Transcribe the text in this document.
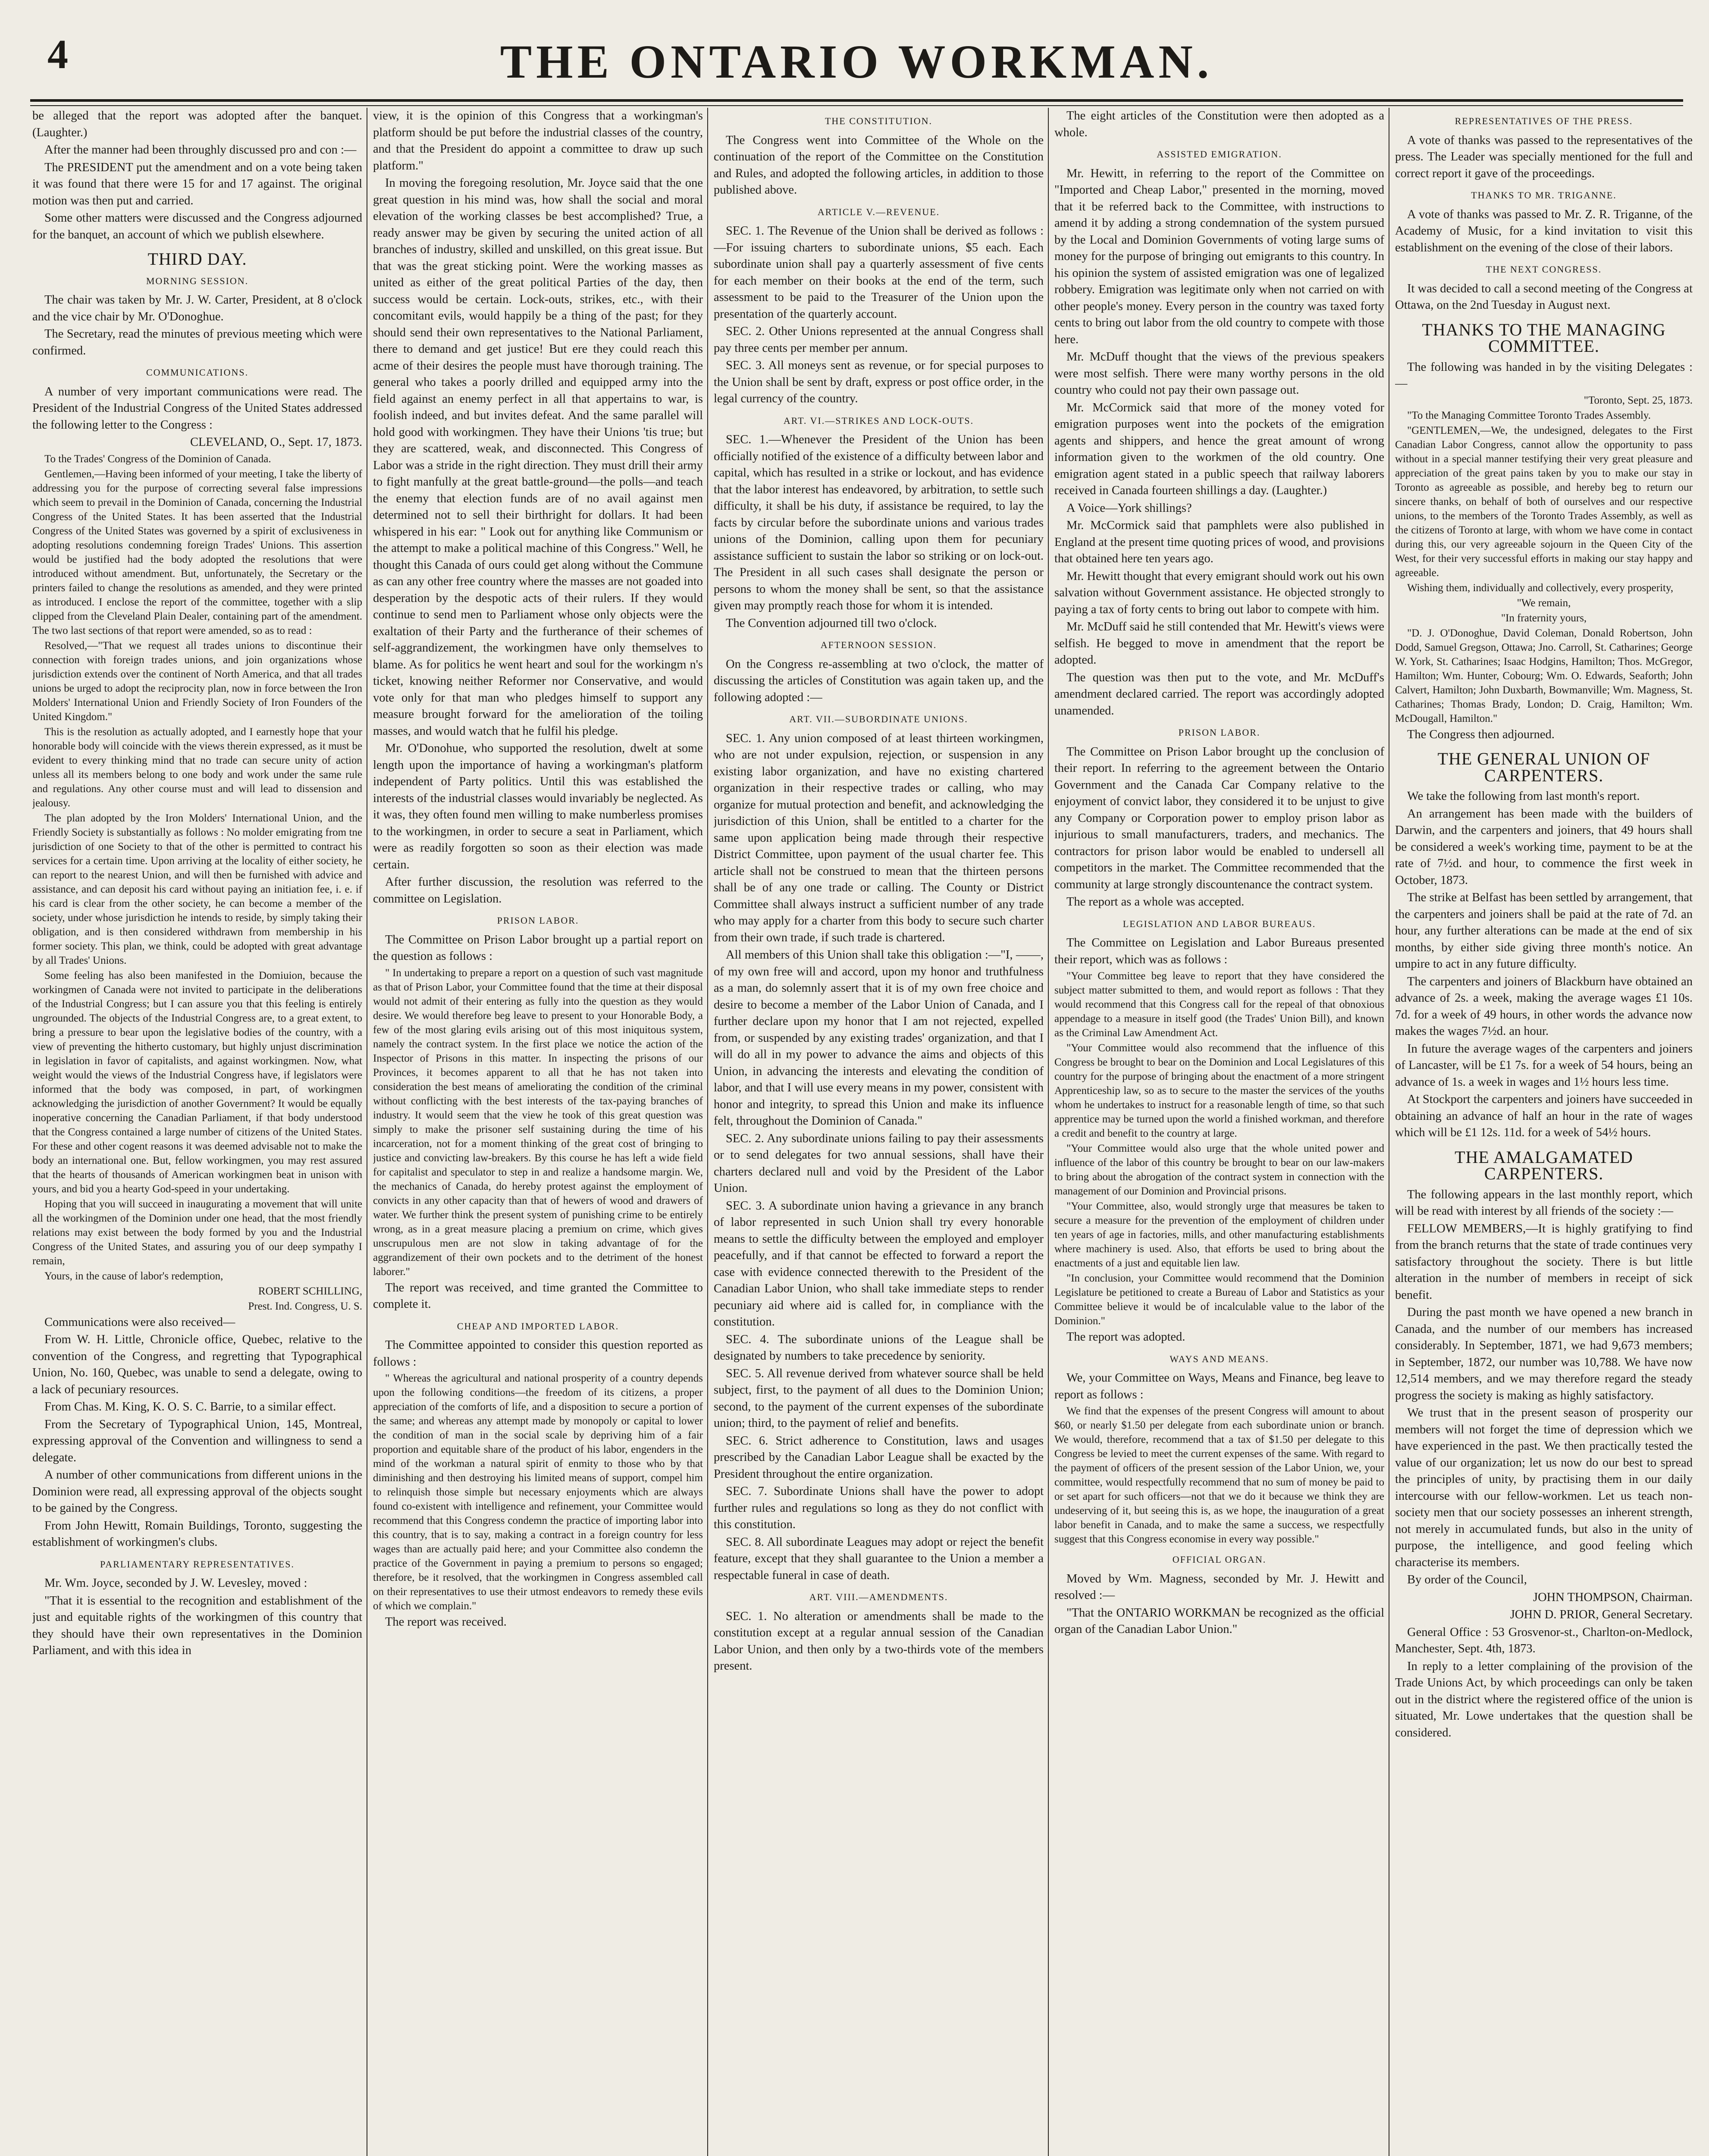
4	THE ONTARIO WORKMAN.

be alleged that the report was adopted after the banquet. (Laughter.)

After the manner had been throughly discussed pro and con :—

The PRESIDENT put the amendment and on a vote being taken it was found that there were 15 for and 17 against. The original motion was then put and carried.

Some other matters were discussed and the Congress adjourned for the banquet, an account of which we publish elsewhere.

THIRD DAY.
MORNING SESSION.

The chair was taken by Mr. J. W. Carter, President, at 8 o'clock and the vice chair by Mr. O'Donoghue.

The Secretary, read the minutes of previous meeting which were confirmed.

COMMUNICATIONS.

A number of very important communications were read. The President of the Industrial Congress of the United States addressed the following letter to the Congress :

CLEVELAND, O., Sept. 17, 1873.

To the Trades' Congress of the Dominion of Canada.

Gentlemen,—Having been informed of your meeting, I take the liberty of addressing you for the purpose of correcting several false impressions which seem to prevail in the Dominion of Canada, concerning the Industrial Congress of the United States. It has been asserted that the Industrial Congress of the United States was governed by a spirit of exclusiveness in adopting resolutions condemning foreign Trades' Unions. This assertion would be justified had the body adopted the resolutions that were introduced without amendment. But, unfortunately, the Secretary or the printers failed to change the resolutions as amended, and they were printed as introduced. I enclose the report of the committee, together with a slip clipped from the Cleveland Plain Dealer, containing part of the amendment. The two last sections of that report were amended, so as to read :

Resolved,—"That we request all trades unions to discontinue their connection with foreign trades unions, and join organizations whose jurisdiction extends over the continent of North America, and that all trades unions be urged to adopt the reciprocity plan, now in force between the Iron Molders' International Union and Friendly Society of Iron Founders of the United Kingdom."

This is the resolution as actually adopted, and I earnestly hope that your honorable body will coincide with the views therein expressed, as it must be evident to every thinking mind that no trade can secure unity of action unless all its members belong to one body and work under the same rule and regulations. Any other course must and will lead to dissension and jealousy.

The plan adopted by the Iron Molders' International Union, and the Friendly Society is substantially as follows : No molder emigrating from tne jurisdiction of one Society to that of the other is permitted to contract his services for a certain time. Upon arriving at the locality of either society, he can report to the nearest Union, and will then be furnished with advice and assistance, and can deposit his card without paying an initiation fee, i. e. if his card is clear from the other society, he can become a member of the society, under whose jurisdiction he intends to reside, by simply taking their obligation, and is then considered withdrawn from membership in his former society. This plan, we think, could be adopted with great advantage by all Trades' Unions.

Some feeling has also been manifested in the Domiuion, because the workingmen of Canada were not invited to participate in the deliberations of the Industrial Congress; but I can assure you that this feeling is entirely ungrounded. The objects of the Industrial Congress are, to a great extent, to bring a pressure to bear upon the legislative bodies of the country, with a view of preventing the hitherto customary, but highly unjust discrimination in legislation in favor of capitalists, and against workingmen. Now, what weight would the views of the Industrial Congress have, if legislators were informed that the body was composed, in part, of workingmen acknowledging the jurisdiction of another Government? It would be equally inoperative concerning the Canadian Parliament, if that body understood that the Congress contained a large number of citizens of the United States. For these and other cogent reasons it was deemed advisable not to make the body an international one. But, fellow workingmen, you may rest assured that the hearts of thousands of American workingmen beat in unison with yours, and bid you a hearty God-speed in your undertaking.

Hoping that you will succeed in inaugurating a movement that will unite all the workingmen of the Dominion under one head, that the most friendly relations may exist between the body formed by you and the Industrial Congress of the United States, and assuring you of our deep sympathy I remain,

Yours, in the cause of labor's redemption,

ROBERT SCHILLING,

Prest. Ind. Congress, U. S.

Communications were also received—

From W. H. Little, Chronicle office, Quebec, relative to the convention of the Congress, and regretting that Typographical Union, No. 160, Quebec, was unable to send a delegate, owing to a lack of pecuniary resources.

From Chas. M. King, K. O. S. C. Barrie, to a similar effect.

From the Secretary of Typographical Union, 145, Montreal, expressing approval of the Convention and willingness to send a delegate.

A number of other communications from different unions in the Dominion were read, all expressing approval of the objects sought to be gained by the Congress.

From John Hewitt, Romain Buildings, Toronto, suggesting the establishment of workingmen's clubs.

PARLIAMENTARY REPRESENTATIVES.

Mr. Wm. Joyce, seconded by J. W. Levesley, moved :

"That it is essential to the recognition and establishment of the just and equitable rights of the workingmen of this country that they should have their own representatives in the Dominion Parliament, and with this idea in

view, it is the opinion of this Congress that a workingman's platform should be put before the industrial classes of the country, and that the President do appoint a committee to draw up such platform."

In moving the foregoing resolution, Mr. Joyce said that the one great question in his mind was, how shall the social and moral elevation of the working classes be best accomplished? True, a ready answer may be given by securing the united action of all branches of industry, skilled and unskilled, on this great issue. But that was the great sticking point. Were the working masses as united as either of the great political Parties of the day, then success would be certain. Lock-outs, strikes, etc., with their concomitant evils, would happily be a thing of the past; for they should send their own representatives to the National Parliament, there to demand and get justice! But ere they could reach this acme of their desires the people must have thorough training. The general who takes a poorly drilled and equipped army into the field against an enemy perfect in all that appertains to war, is foolish indeed, and but invites defeat. And the same parallel will hold good with workingmen. They have their Unions 'tis true; but they are scattered, weak, and disconnected. This Congress of Labor was a stride in the right direction. They must drill their army to fight manfully at the great battle-ground—the polls—and teach the enemy that election funds are of no avail against men determined not to sell their birthright for dollars. It had been whispered in his ear: " Look out for anything like Communism or the attempt to make a political machine of this Congress." Well, he thought this Canada of ours could get along without the Commune as can any other free country where the masses are not goaded into desperation by the despotic acts of their rulers. If they would continue to send men to Parliament whose only objects were the exaltation of their Party and the furtherance of their schemes of self-aggrandizement, the workingmen have only themselves to blame. As for politics he went heart and soul for the workingm n's ticket, knowing neither Reformer nor Conservative, and would vote only for that man who pledges himself to support any measure brought forward for the amelioration of the toiling masses, and would watch that he fulfil his pledge.

Mr. O'Donohue, who supported the resolution, dwelt at some length upon the importance of having a workingman's platform independent of Party politics. Until this was established the interests of the industrial classes would invariably be neglected. As it was, they often found men willing to make numberless promises to the workingmen, in order to secure a seat in Parliament, which were as readily forgotten so soon as their election was made certain.

After further discussion, the resolution was referred to the committee on Legislation.

PRISON LABOR.

The Committee on Prison Labor brought up a partial report on the question as follows :

" In undertaking to prepare a report on a question of such vast magnitude as that of Prison Labor, your Committee found that the time at their disposal would not admit of their entering as fully into the question as they would desire. We would therefore beg leave to present to your Honorable Body, a few of the most glaring evils arising out of this most iniquitous system, namely the contract system. In the first place we notice the action of the Inspector of Prisons in this matter. In inspecting the prisons of our Provinces, it becomes apparent to all that he has not taken into consideration the best means of ameliorating the condition of the criminal without conflicting with the best interests of the tax-paying branches of industry. It would seem that the view he took of this great question was simply to make the prisoner self sustaining during the time of his incarceration, not for a moment thinking of the great cost of bringing to justice and convicting law-breakers. By this course he has left a wide field for capitalist and speculator to step in and realize a handsome margin. We, the mechanics of Canada, do hereby protest against the employment of convicts in any other capacity than that of hewers of wood and drawers of water. We further think the present system of punishing crime to be entirely wrong, as in a great measure placing a premium on crime, which gives unscrupulous men are not slow in taking advantage of for the aggrandizement of their own pockets and to the detriment of the honest laborer."

The report was received, and time granted the Committee to complete it.

CHEAP AND IMPORTED LABOR.

The Committee appointed to consider this question reported as follows :

" Whereas the agricultural and national prosperity of a country depends upon the following conditions—the freedom of its citizens, a proper appreciation of the comforts of life, and a disposition to secure a portion of the same; and whereas any attempt made by monopoly or capital to lower the condition of man in the social scale by depriving him of a fair proportion and equitable share of the product of his labor, engenders in the mind of the workman a natural spirit of enmity to those who by that diminishing and then destroying his limited means of support, compel him to relinquish those simple but necessary enjoyments which are always found co-existent with intelligence and refinement, your Committee would recommend that this Congress condemn the practice of importing labor into this country, that is to say, making a contract in a foreign country for less wages than are actually paid here; and your Committee also condemn the practice of the Government in paying a premium to persons so engaged; therefore, be it resolved, that the workingmen in Congress assembled call on their representatives to use their utmost endeavors to remedy these evils of which we complain."

The report was received.

THE CONSTITUTION.

The Congress went into Committee of the Whole on the continuation of the report of the Committee on the Constitution and Rules, and adopted the following articles, in addition to those published above.

ARTICLE V.—REVENUE.

SEC. 1. The Revenue of the Union shall be derived as follows :—For issuing charters to subordinate unions, $5 each. Each subordinate union shall pay a quarterly assessment of five cents for each member on their books at the end of the term, such assessment to be paid to the Treasurer of the Union upon the presentation of the quarterly account.

SEC. 2. Other Unions represented at the annual Congress shall pay three cents per member per annum.

SEC. 3. All moneys sent as revenue, or for special purposes to the Union shall be sent by draft, express or post office order, in the legal currency of the country.

ART. VI.—STRIKES AND LOCK-OUTS.

SEC. 1.—Whenever the President of the Union has been officially notified of the existence of a difficulty between labor and capital, which has resulted in a strike or lockout, and has evidence that the labor interest has endeavored, by arbitration, to settle such difficulty, it shall be his duty, if assistance be required, to lay the facts by circular before the subordinate unions and various trades unions of the Dominion, calling upon them for pecuniary assistance sufficient to sustain the labor so striking or on lock-out. The President in all such cases shall designate the person or persons to whom the money shall be sent, so that the assistance given may promptly reach those for whom it is intended.

The Convention adjourned till two o'clock.

AFTERNOON SESSION.

On the Congress re-assembling at two o'clock, the matter of discussing the articles of Constitution was again taken up, and the following adopted :—

ART. VII.—SUBORDINATE UNIONS.

SEC. 1. Any union composed of at least thirteen workingmen, who are not under expulsion, rejection, or suspension in any existing labor organization, and have no existing chartered organization in their respective trades or calling, who may organize for mutual protection and benefit, and acknowledging the jurisdiction of this Union, shall be entitled to a charter for the same upon application being made through their respective District Committee, upon payment of the usual charter fee. This article shall not be construed to mean that the thirteen persons shall be of any one trade or calling. The County or District Committee shall always instruct a sufficient number of any trade who may apply for a charter from this body to secure such charter from their own trade, if such trade is chartered.

All members of this Union shall take this obligation :—"I, ——, of my own free will and accord, upon my honor and truthfulness as a man, do solemnly assert that it is of my own free choice and desire to become a member of the Labor Union of Canada, and I further declare upon my honor that I am not rejected, expelled from, or suspended by any existing trades' organization, and that I will do all in my power to advance the aims and objects of this Union, in advancing the interests and elevating the condition of labor, and that I will use every means in my power, consistent with honor and integrity, to spread this Union and make its influence felt, throughout the Dominion of Canada."

SEC. 2. Any subordinate unions failing to pay their assessments or to send delegates for two annual sessions, shall have their charters declared null and void by the President of the Labor Union.

SEC. 3. A subordinate union having a grievance in any branch of labor represented in such Union shall try every honorable means to settle the difficulty between the employed and employer peacefully, and if that cannot be effected to forward a report the case with evidence connected therewith to the President of the Canadian Labor Union, who shall take immediate steps to render pecuniary aid where aid is called for, in compliance with the constitution.

SEC. 4. The subordinate unions of the League shall be designated by numbers to take precedence by seniority.

SEC. 5. All revenue derived from whatever source shall be held subject, first, to the payment of all dues to the Dominion Union; second, to the payment of the current expenses of the subordinate union; third, to the payment of relief and benefits.

SEC. 6. Strict adherence to Constitution, laws and usages prescribed by the Canadian Labor League shall be exacted by the President throughout the entire organization.

SEC. 7. Subordinate Unions shall have the power to adopt further rules and regulations so long as they do not conflict with this constitution.

SEC. 8. All subordinate Leagues may adopt or reject the benefit feature, except that they shall guarantee to the Union a member a respectable funeral in case of death.

ART. VIII.—AMENDMENTS.

SEC. 1. No alteration or amendments shall be made to the constitution except at a regular annual session of the Canadian Labor Union, and then only by a two-thirds vote of the members present.

The eight articles of the Constitution were then adopted as a whole.

ASSISTED EMIGRATION.

Mr. Hewitt, in referring to the report of the Committee on "Imported and Cheap Labor," presented in the morning, moved that it be referred back to the Committee, with instructions to amend it by adding a strong condemnation of the system pursued by the Local and Dominion Governments of voting large sums of money for the purpose of bringing out emigrants to this country. In his opinion the system of assisted emigration was one of legalized robbery. Emigration was legitimate only when not carried on with other people's money. Every person in the country was taxed forty cents to bring out labor from the old country to compete with those here.

Mr. McDuff thought that the views of the previous speakers were most selfish. There were many worthy persons in the old country who could not pay their own passage out.

Mr. McCormick said that more of the money voted for emigration purposes went into the pockets of the emigration agents and shippers, and hence the great amount of wrong information given to the workmen of the old country. One emigration agent stated in a public speech that railway laborers received in Canada fourteen shillings a day. (Laughter.)

A Voice—York shillings?

Mr. McCormick said that pamphlets were also published in England at the present time quoting prices of wood, and provisions that obtained here ten years ago.

Mr. Hewitt thought that every emigrant should work out his own salvation without Government assistance. He objected strongly to paying a tax of forty cents to bring out labor to compete with him.

Mr. McDuff said he still contended that Mr. Hewitt's views were selfish. He begged to move in amendment that the report be adopted.

The question was then put to the vote, and Mr. McDuff's amendment declared carried. The report was accordingly adopted unamended.

PRISON LABOR.

The Committee on Prison Labor brought up the conclusion of their report. In referring to the agreement between the Ontario Government and the Canada Car Company relative to the enjoyment of convict labor, they considered it to be unjust to give any Company or Corporation power to employ prison labor as injurious to small manufacturers, traders, and mechanics. The contractors for prison labor would be enabled to undersell all competitors in the market. The Committee recommended that the community at large strongly discountenance the contract system.

The report as a whole was accepted.

LEGISLATION AND LABOR BUREAUS.

The Committee on Legislation and Labor Bureaus presented their report, which was as follows :

"Your Committee beg leave to report that they have considered the subject matter submitted to them, and would report as follows : That they would recommend that this Congress call for the repeal of that obnoxious appendage to a measure in itself good (the Trades' Union Bill), and known as the Criminal Law Amendment Act.

"Your Committee would also recommend that the influence of this Congress be brought to bear on the Dominion and Local Legislatures of this country for the purpose of bringing about the enactment of a more stringent Apprenticeship law, so as to secure to the master the services of the youths whom he undertakes to instruct for a reasonable length of time, so that such apprentice may be turned upon the world a finished workman, and therefore a credit and benefit to the country at large.

"Your Committee would also urge that the whole united power and influence of the labor of this country be brought to bear on our law-makers to bring about the abrogation of the contract system in connection with the management of our Dominion and Provincial prisons.

"Your Committee, also, would strongly urge that measures be taken to secure a measure for the prevention of the employment of children under ten years of age in factories, mills, and other manufacturing establishments where machinery is used. Also, that efforts be used to bring about the enactments of a just and equitable lien law.

"In conclusion, your Committee would recommend that the Dominion Legislature be petitioned to create a Bureau of Labor and Statistics as your Committee believe it would be of incalculable value to the labor of the Dominion."

The report was adopted.

WAYS AND MEANS.

We, your Committee on Ways, Means and Finance, beg leave to report as follows :

We find that the expenses of the present Congress will amount to about $60, or nearly $1.50 per delegate from each subordinate union or branch. We would, therefore, recommend that a tax of $1.50 per delegate to this Congress be levied to meet the current expenses of the same. With regard to the payment of officers of the present session of the Labor Union, we, your committee, would respectfully recommend that no sum of money be paid to or set apart for such officers—not that we do it because we think they are undeserving of it, but seeing this is, as we hope, the inauguration of a great labor benefit in Canada, and to make the same a success, we respectfully suggest that this Congress economise in every way possible."

OFFICIAL ORGAN.

Moved by Wm. Magness, seconded by Mr. J. Hewitt and resolved :—

"That the ONTARIO WORKMAN be recognized as the official organ of the Canadian Labor Union."

REPRESENTATIVES OF THE PRESS.

A vote of thanks was passed to the representatives of the press. The Leader was specially mentioned for the full and correct report it gave of the proceedings.

THANKS TO MR. TRIGANNE.

A vote of thanks was passed to Mr. Z. R. Triganne, of the Academy of Music, for a kind invitation to visit this establishment on the evening of the close of their labors.

THE NEXT CONGRESS.

It was decided to call a second meeting of the Congress at Ottawa, on the 2nd Tuesday in August next.

THANKS TO THE MANAGING COMMITTEE.

The following was handed in by the visiting Delegates :—

"Toronto, Sept. 25, 1873.

"To the Managing Committee Toronto Trades Assembly.

"GENTLEMEN,—We, the undesigned, delegates to the First Canadian Labor Congress, cannot allow the opportunity to pass without in a special manner testifying their very great pleasure and appreciation of the great pains taken by you to make our stay in Toronto as agreeable as possible, and hereby beg to return our sincere thanks, on behalf of both of ourselves and our respective unions, to the members of the Toronto Trades Assembly, as well as the citizens of Toronto at large, with whom we have come in contact during this, our very agreeable sojourn in the Queen City of the West, for their very successful efforts in making our stay happy and agreeable.

Wishing them, individually and collectively, every prosperity,

"We remain,

"In fraternity yours,

"D. J. O'Donoghue, David Coleman, Donald Robertson, John Dodd, Samuel Gregson, Ottawa; Jno. Carroll, St. Catharines; George W. York, St. Catharines; Isaac Hodgins, Hamilton; Thos. McGregor, Hamilton; Wm. Hunter, Cobourg; Wm. O. Edwards, Seaforth; John Calvert, Hamilton; John Duxbarth, Bowmanville; Wm. Magness, St. Catharines; Thomas Brady, London; D. Craig, Hamilton; Wm. McDougall, Hamilton."

The Congress then adjourned.

THE GENERAL UNION OF CARPENTERS.

We take the following from last month's report.

An arrangement has been made with the builders of Darwin, and the carpenters and joiners, that 49 hours shall be considered a week's working time, payment to be at the rate of 7½d. and hour, to commence the first week in October, 1873.

The strike at Belfast has been settled by arrangement, that the carpenters and joiners shall be paid at the rate of 7d. an hour, any further alterations can be made at the end of six months, by either side giving three month's notice. An umpire to act in any future difficulty.

The carpenters and joiners of Blackburn have obtained an advance of 2s. a week, making the average wages £1 10s. 7d. for a week of 49 hours, in other words the advance now makes the wages 7½d. an hour.

In future the average wages of the carpenters and joiners of Lancaster, will be £1 7s. for a week of 54 hours, being an advance of 1s. a week in wages and 1½ hours less time.

At Stockport the carpenters and joiners have succeeded in obtaining an advance of half an hour in the rate of wages which will be £1 12s. 11d. for a week of 54½ hours.

THE AMALGAMATED CARPENTERS.

The following appears in the last monthly report, which will be read with interest by all friends of the society :—

FELLOW MEMBERS,—It is highly gratifying to find from the branch returns that the state of trade continues very satisfactory throughout the society. There is but little alteration in the number of members in receipt of sick benefit.

During the past month we have opened a new branch in Canada, and the number of our members has increased considerably. In September, 1871, we had 9,673 members; in September, 1872, our number was 10,788. We have now 12,514 members, and we may therefore regard the steady progress the society is making as highly satisfactory.

We trust that in the present season of prosperity our members will not forget the time of depression which we have experienced in the past. We then practically tested the value of our organization; let us now do our best to spread the principles of unity, by practising them in our daily intercourse with our fellow-workmen. Let us teach non-society men that our society possesses an inherent strength, not merely in accumulated funds, but also in the unity of purpose, the intelligence, and good feeling which characterise its members.

By order of the Council,

JOHN THOMPSON, Chairman.

JOHN D. PRIOR, General Secretary.

General Office : 53 Grosvenor-st., Charlton-on-Medlock, Manchester, Sept. 4th, 1873.

In reply to a letter complaining of the provision of the Trade Unions Act, by which proceedings can only be taken out in the district where the registered office of the union is situated, Mr. Lowe undertakes that the question shall be considered.
